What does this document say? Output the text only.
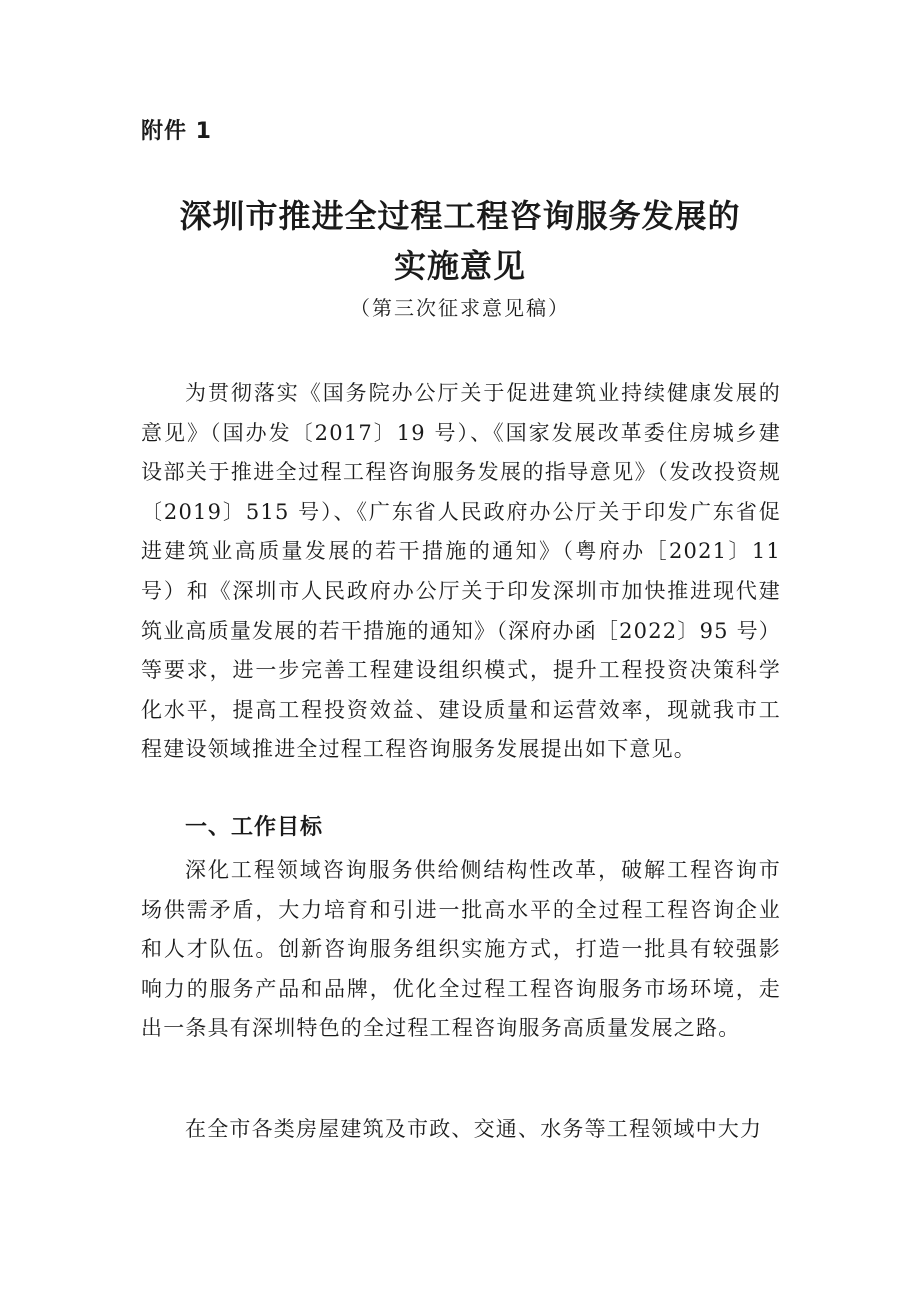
附件 1
深圳市推进全过程工程咨询服务发展的
实施意见
（第三次征求意见稿）

为贯彻落实《国务院办公厅关于促进建筑业持续健康发展的意见》（国办发〔2017〕19 号）、《国家发展改革委住房城乡建设部关于推进全过程工程咨询服务发展的指导意见》（发改投资规〔2019〕515 号）、《广东省人民政府办公厅关于印发广东省促进建筑业高质量发展的若干措施的通知》（粤府办［2021〕11 号）和《深圳市人民政府办公厅关于印发深圳市加快推进现代建筑业高质量发展的若干措施的通知》（深府办函［2022〕95 号）等要求，进一步完善工程建设组织模式，提升工程投资决策科学化水平，提高工程投资效益、建设质量和运营效率，现就我市工程建设领域推进全过程工程咨询服务发展提出如下意见。

一、工作目标

深化工程领域咨询服务供给侧结构性改革，破解工程咨询市场供需矛盾，大力培育和引进一批高水平的全过程工程咨询企业和人才队伍。创新咨询服务组织实施方式，打造一批具有较强影响力的服务产品和品牌，优化全过程工程咨询服务市场环境，走出一条具有深圳特色的全过程工程咨询服务高质量发展之路。

在全市各类房屋建筑及市政、交通、水务等工程领域中大力
